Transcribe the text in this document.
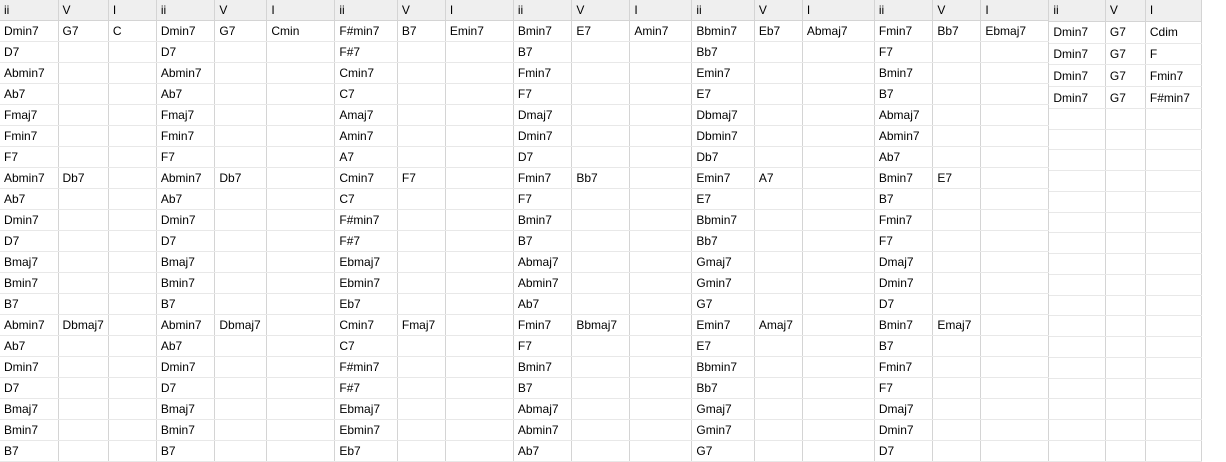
ii	V	I
Dmin7	G7	C
D7		
Abmin7		
Ab7		
Fmaj7		
Fmin7		
F7		
Abmin7	Db7	
Ab7		
Dmin7		
D7		
Bmaj7		
Bmin7		
B7		
Abmin7	Dbmaj7	
Ab7		
Dmin7		
D7		
Bmaj7		
Bmin7		
B7		
ii	V	I
Dmin7	G7	Cmin
D7		
Abmin7		
Ab7		
Fmaj7		
Fmin7		
F7		
Abmin7	Db7	
Ab7		
Dmin7		
D7		
Bmaj7		
Bmin7		
B7		
Abmin7	Dbmaj7	
Ab7		
Dmin7		
D7		
Bmaj7		
Bmin7		
B7		
ii	V	I
F#min7	B7	Emin7
F#7		
Cmin7		
C7		
Amaj7		
Amin7		
A7		
Cmin7	F7	
C7		
F#min7		
F#7		
Ebmaj7		
Ebmin7		
Eb7		
Cmin7	Fmaj7	
C7		
F#min7		
F#7		
Ebmaj7		
Ebmin7		
Eb7		
ii	V	I
Bmin7	E7	Amin7
B7		
Fmin7		
F7		
Dmaj7		
Dmin7		
D7		
Fmin7	Bb7	
F7		
Bmin7		
B7		
Abmaj7		
Abmin7		
Ab7		
Fmin7	Bbmaj7	
F7		
Bmin7		
B7		
Abmaj7		
Abmin7		
Ab7		
ii	V	I
Bbmin7	Eb7	Abmaj7
Bb7		
Emin7		
E7		
Dbmaj7		
Dbmin7		
Db7		
Emin7	A7	
E7		
Bbmin7		
Bb7		
Gmaj7		
Gmin7		
G7		
Emin7	Amaj7	
E7		
Bbmin7		
Bb7		
Gmaj7		
Gmin7		
G7		
ii	V	I
Fmin7	Bb7	Ebmaj7
F7		
Bmin7		
B7		
Abmaj7		
Abmin7		
Ab7		
Bmin7	E7	
B7		
Fmin7		
F7		
Dmaj7		
Dmin7		
D7		
Bmin7	Emaj7	
B7		
Fmin7		
F7		
Dmaj7		
Dmin7		
D7		
ii	V	I
Dmin7	G7	Cdim
Dmin7	G7	F
Dmin7	G7	Fmin7
Dmin7	G7	F#min7
